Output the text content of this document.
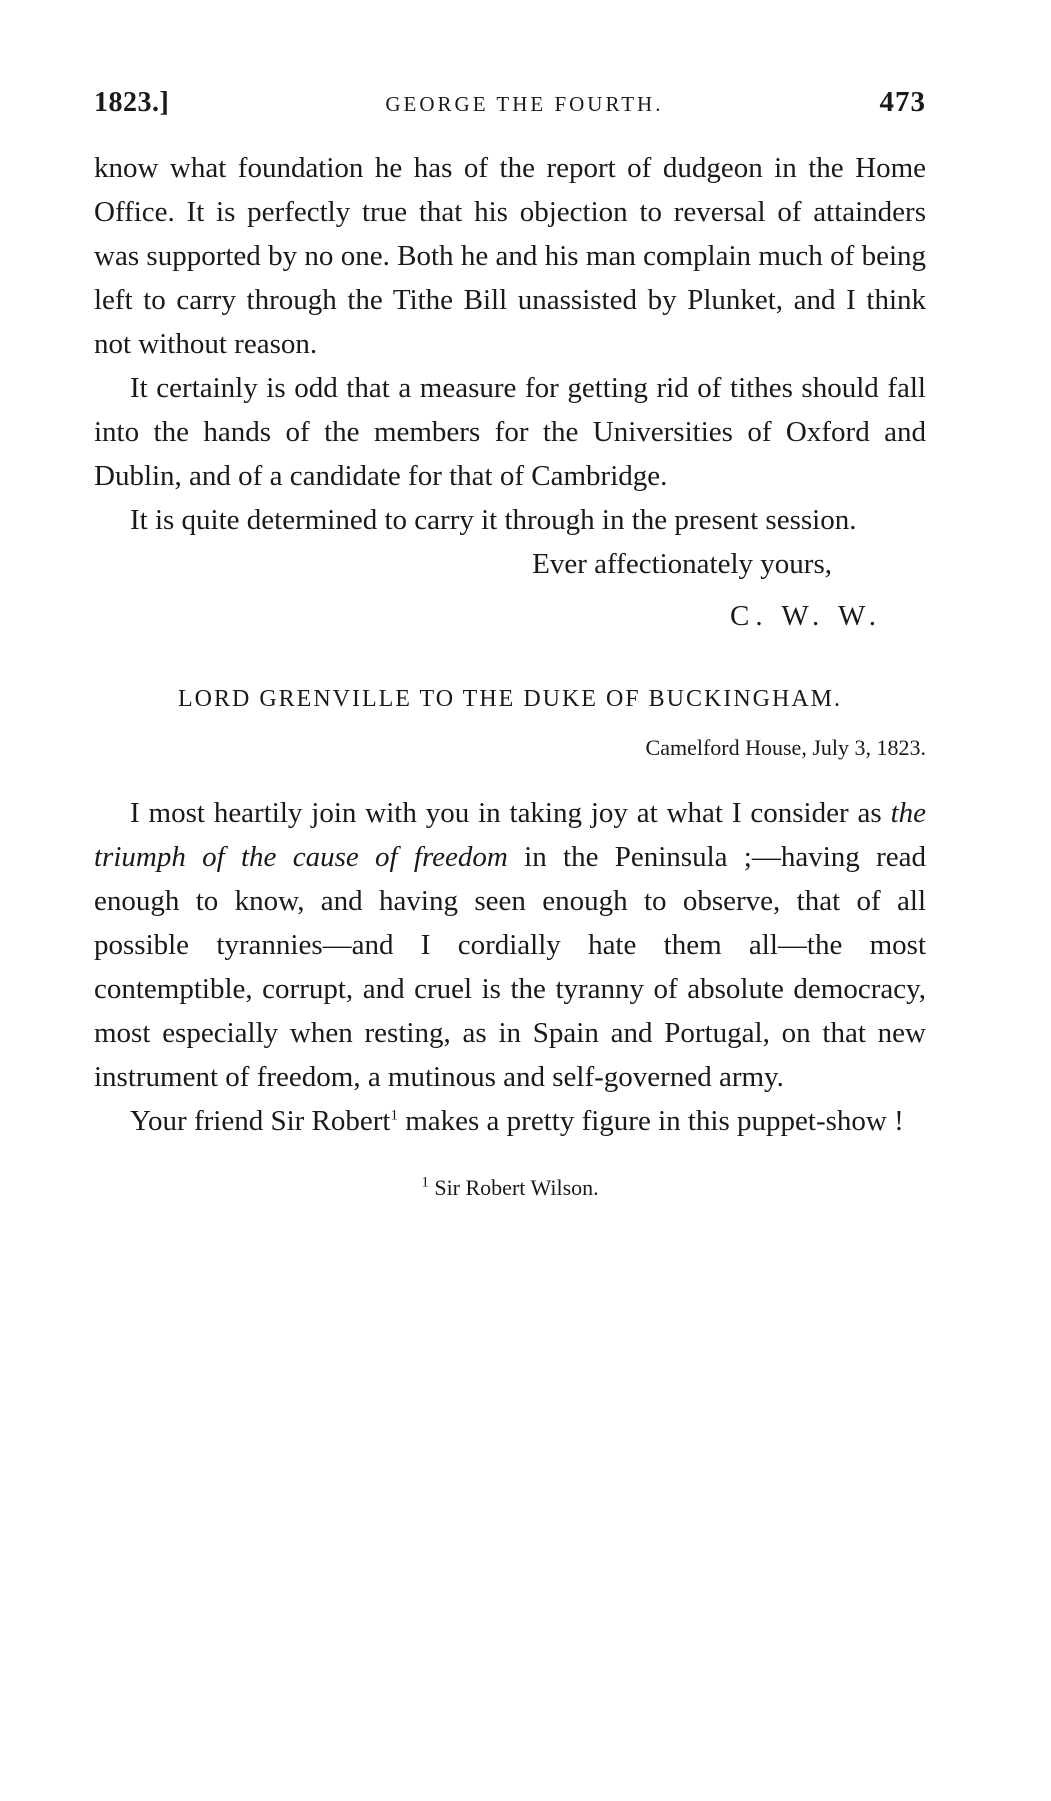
1823.]	GEORGE THE FOURTH.	473

know what foundation he has of the report of dudgeon in the Home Office. It is perfectly true that his objection to reversal of attainders was supported by no one. Both he and his man complain much of being left to carry through the Tithe Bill unassisted by Plunket, and I think not without reason.

It certainly is odd that a measure for getting rid of tithes should fall into the hands of the members for the Universities of Oxford and Dublin, and of a candidate for that of Cambridge.

It is quite determined to carry it through in the present session.

Ever affectionately yours,
C. W. W.
LORD GRENVILLE TO THE DUKE OF BUCKINGHAM.
Camelford House, July 3, 1823.

I most heartily join with you in taking joy at what I consider as the triumph of the cause of freedom in the Peninsula ;—having read enough to know, and having seen enough to observe, that of all possible tyrannies—and I cordially hate them all—the most contemptible, corrupt, and cruel is the tyranny of absolute democracy, most especially when resting, as in Spain and Portugal, on that new instrument of freedom, a mutinous and self-governed army.

Your friend Sir Robert$^1$ makes a pretty figure in this puppet-show !

$^1$ Sir Robert Wilson.
